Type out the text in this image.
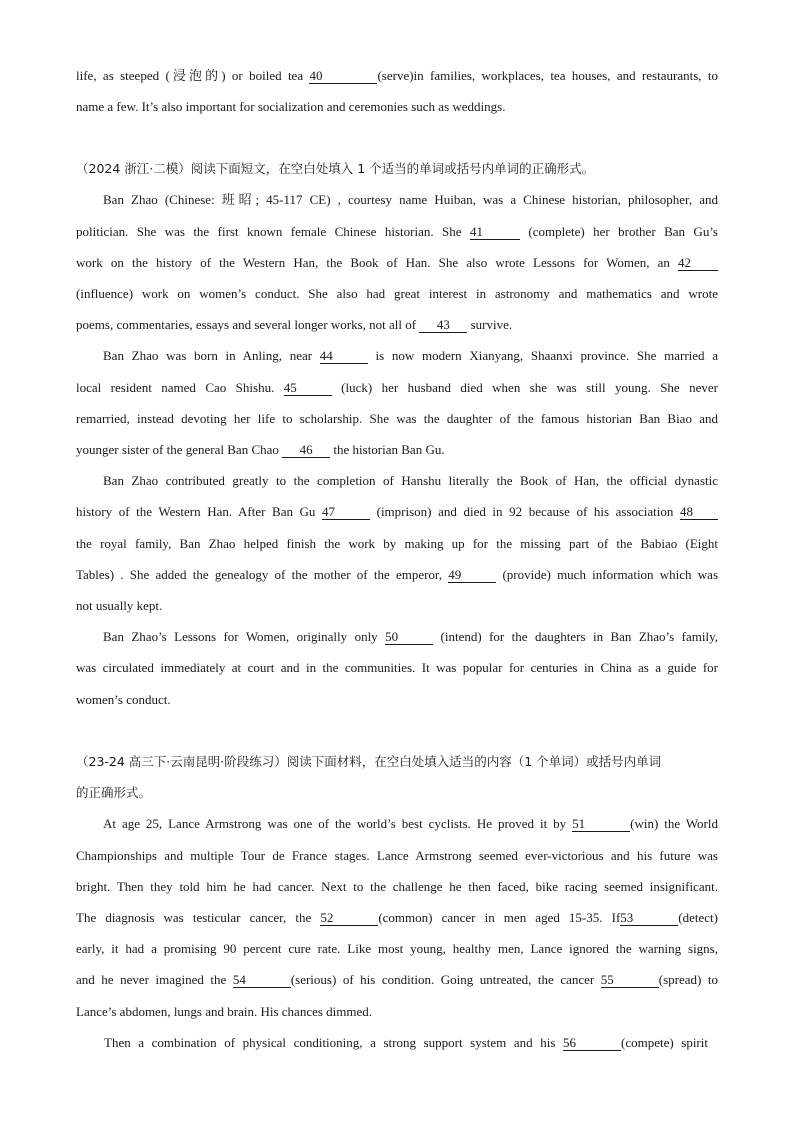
life, as steeped (浸泡的) or boiled tea 40	(serve)in families, workplaces, tea houses, and restaurants, to
name a few. It’s also important for socialization and ceremonies such as weddings.
（2024 浙江·二模）阅读下面短文，在空白处填入 1 个适当的单词或括号内单词的正确形式。
Ban Zhao (Chinese: 班昭; 45-117 CE) , courtesy name Huiban, was a Chinese historian, philosopher, and
politician. She was the first known female Chinese historian. She 41	(complete) her brother Ban Gu’s
work on the history of the Western Han, the Book of Han. She also wrote Lessons for Women, an 42
(influence) work on women’s conduct. She also had great interest in astronomy and mathematics and wrote
poems, commentaries, essays and several longer works, not all of 43 survive.
Ban Zhao was born in Anling, near 44	is now modern Xianyang, Shaanxi province. She married a
local resident named Cao Shishu. 45	(luck) her husband died when she was still young. She never
remarried, instead devoting her life to scholarship. She was the daughter of the famous historian Ban Biao and
younger sister of the general Ban Chao 46 the historian Ban Gu.
Ban Zhao contributed greatly to the completion of Hanshu literally the Book of Han, the official dynastic
history of the Western Han. After Ban Gu 47	(imprison) and died in 92 because of his association 48
the royal family, Ban Zhao helped finish the work by making up for the missing part of the Babiao (Eight
Tables) . She added the genealogy of the mother of the emperor, 49	(provide) much information which was
not usually kept.
Ban Zhao’s Lessons for Women, originally only 50	(intend) for the daughters in Ban Zhao’s family,
was circulated immediately at court and in the communities. It was popular for centuries in China as a guide for
women’s conduct.
（23-24 高三下·云南昆明·阶段练习）阅读下面材料，在空白处填入适当的内容（1 个单词）或括号内单词
的正确形式。
At age 25, Lance Armstrong was one of the world’s best cyclists. He proved it by 51	(win) the World
Championships and multiple Tour de France stages. Lance Armstrong seemed ever-victorious and his future was
bright. Then they told him he had cancer. Next to the challenge he then faced, bike racing seemed insignificant.
The diagnosis was testicular cancer, the 52	(common) cancer in men aged 15-35. If53	(detect)
early, it had a promising 90 percent cure rate. Like most young, healthy men, Lance ignored the warning signs,
and he never imagined the 54	(serious) of his condition. Going untreated, the cancer 55	(spread) to
Lance’s abdomen, lungs and brain. His chances dimmed.
Then a combination of physical conditioning, a strong support system and his 56	(compete) spirit
